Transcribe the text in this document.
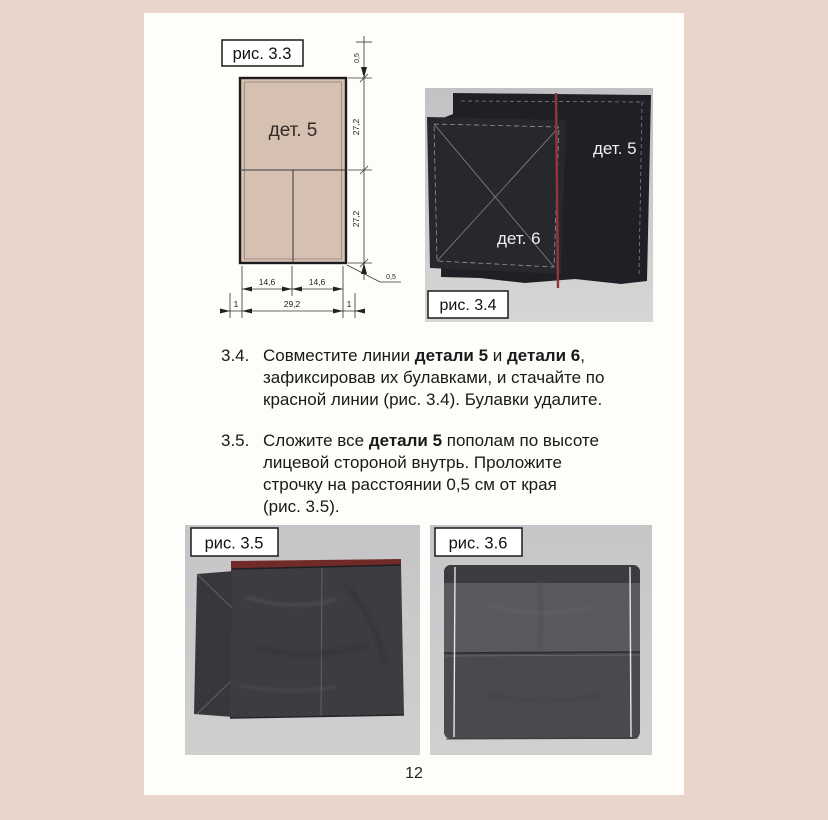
рис. 3.3
дет. 5
0,5
27,2
27,2
0,5
14,6	14,6
1	29,2	1
дет. 5
дет. 6
рис. 3.4
3.4. Совместите линии детали 5 и детали 6,
зафиксировав их булавками, и стачайте по
красной линии (рис. 3.4). Булавки удалите.
3.5. Сложите все детали 5 пополам по высоте
лицевой стороной внутрь. Проложите
строчку на расстоянии 0,5 см от края
(рис. 3.5).
рис. 3.5	рис. 3.6
12
